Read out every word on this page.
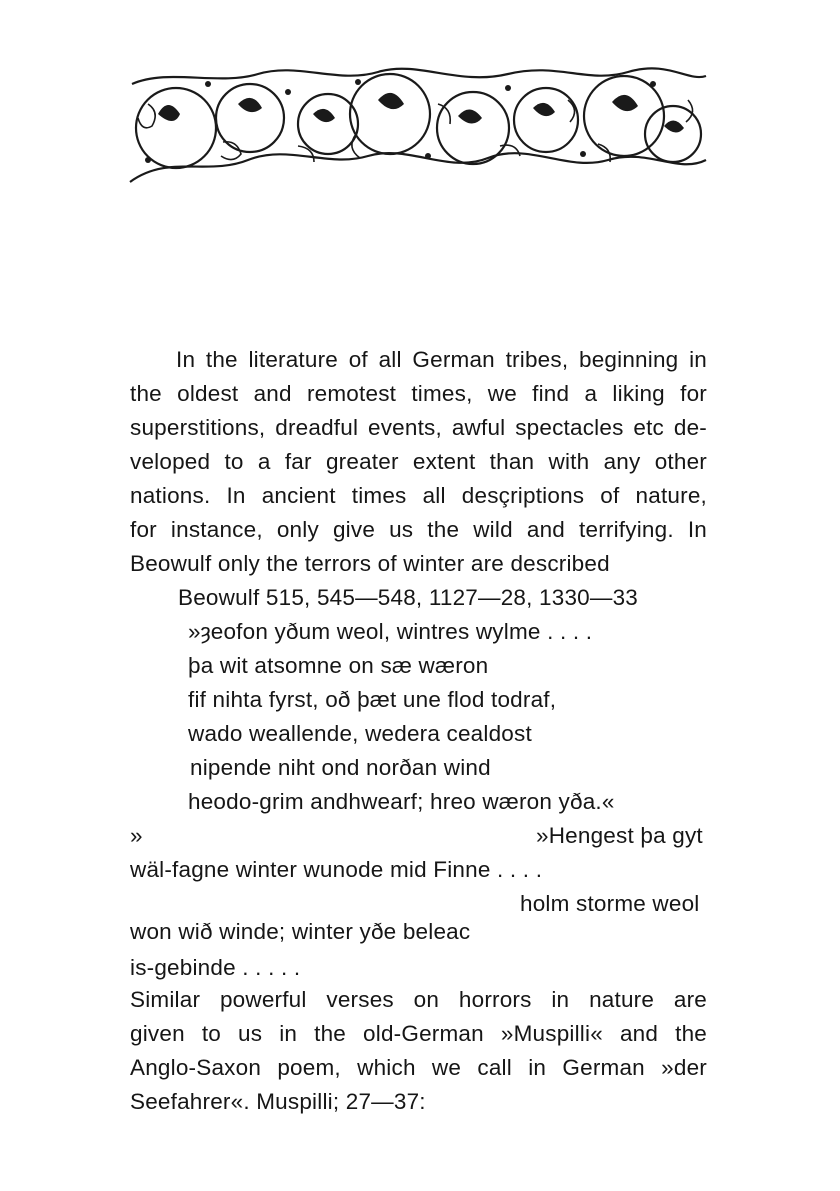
In the literature of all German tribes, beginning in
the oldest and remotest times, we find a liking for
superstitions, dreadful events, awful spectacles etc de-
veloped to a far greater extent than with any other
nations. In ancient times all desçriptions of nature,
for instance, only give us the wild and terrifying. In
Beowulf only the terrors of winter are described
Beowulf 515, 545—548, 1127—28, 1330—33
»ȝeofon yðum weol, wintres wylme . . . .
þa wit atsomne on sæ wæron
fif nihta fyrst, oð þæt une flod todraf,
wado weallende, wedera cealdost
nipende niht ond norðan wind
heodo-grim andhwearf; hreo wæron yða.«
»	»Hengest þa gyt
wäl-fagne winter wunode mid Finne . . . .
holm storme weol
won wið winde; winter yðe beleac
is-gebinde . . . . .
Similar powerful verses on horrors in nature are
given to us in the old-German »Muspilli« and the
Anglo-Saxon poem, which we call in German »der
Seefahrer«. Muspilli; 27—37:
